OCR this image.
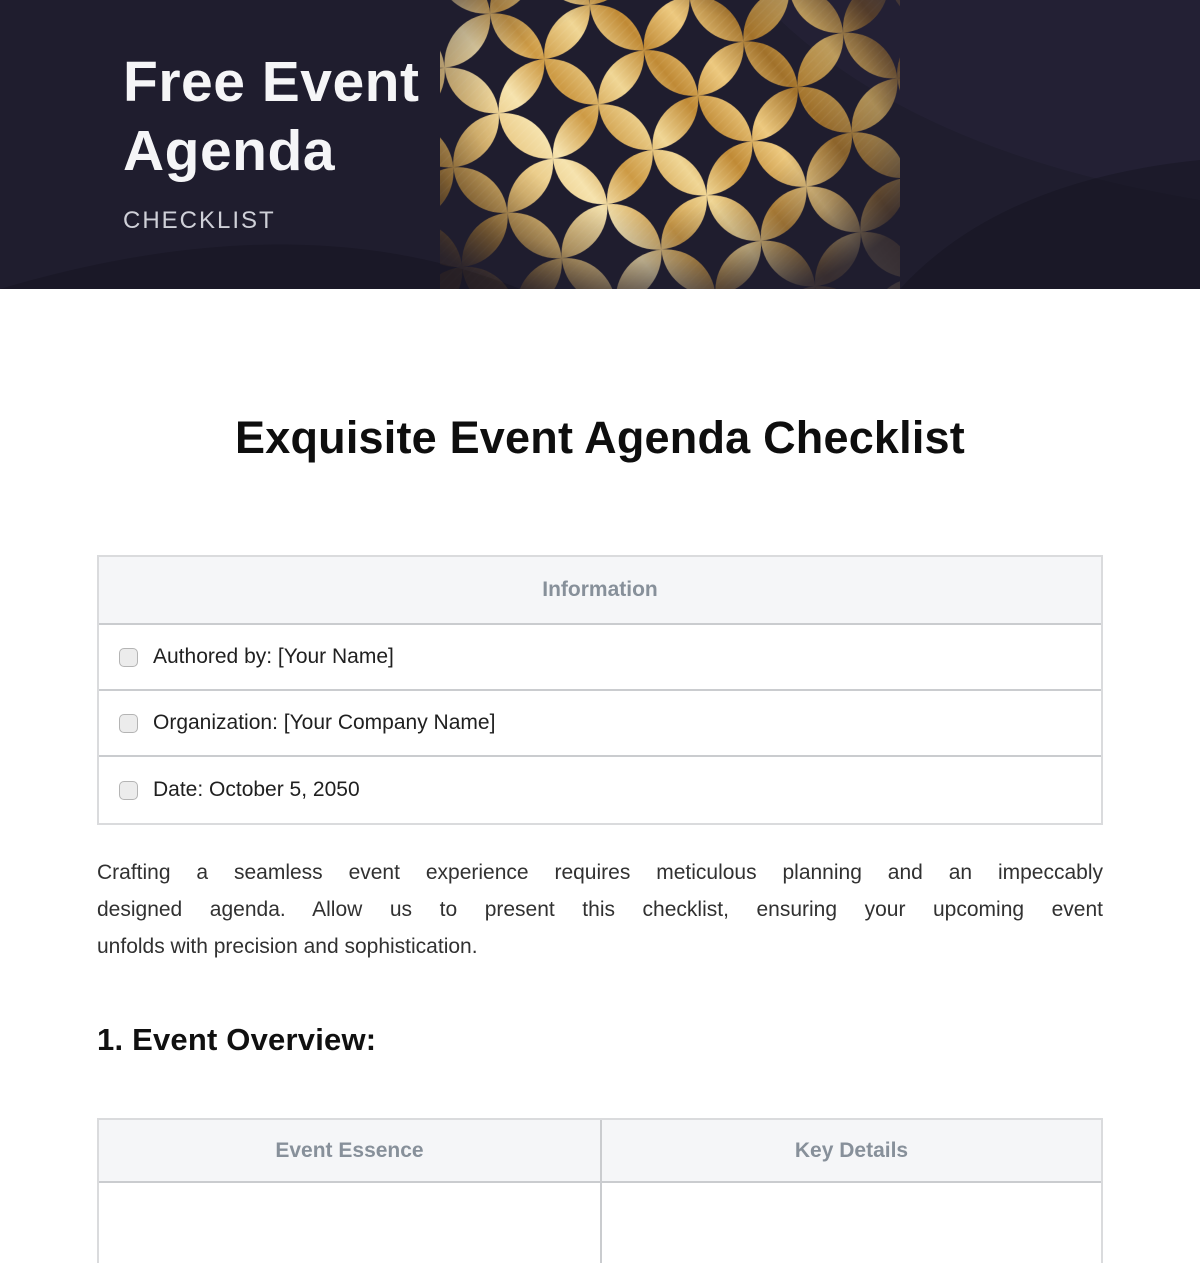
Free Event
Agenda
CHECKLIST
Exquisite Event Agenda Checklist
Information
Authored by: [Your Name]
Organization: [Your Company Name]
Date: October 5, 2050
Crafting a seamless event experience requires meticulous planning and an impeccably
designed agenda. Allow us to present this checklist, ensuring your upcoming event
unfolds with precision and sophistication.
1. Event Overview:
Event Essence	Key Details
